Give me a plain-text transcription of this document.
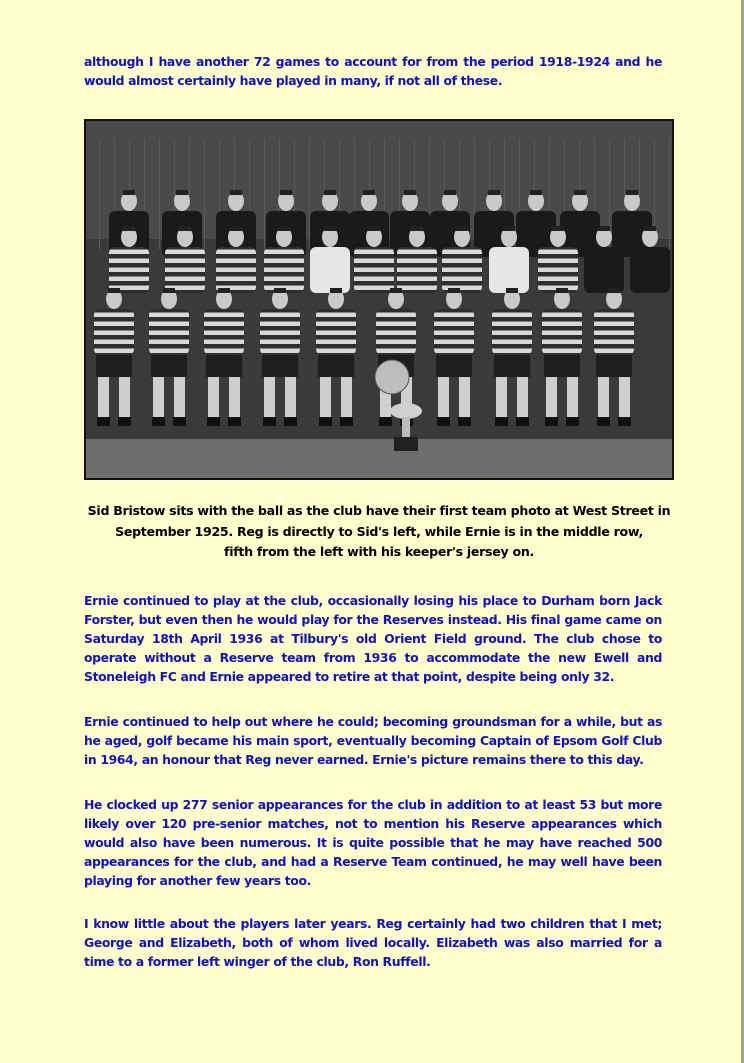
although I have another 72 games to account for from the period 1918-1924 and he would almost certainly have played in many, if not all of these.

Sid Bristow sits with the ball as the club have their first team photo at West Street in
September 1925. Reg is directly to Sid's left, while Ernie is in the middle row,
fifth from the left with his keeper's jersey on.

Ernie continued to play at the club, occasionally losing his place to Durham born Jack Forster, but even then he would play for the Reserves instead. His final game came on Saturday 18th April 1936 at Tilbury's old Orient Field ground. The club chose to operate without a Reserve team from 1936 to accommodate the new Ewell and Stoneleigh FC and Ernie appeared to retire at that point, despite being only 32.

Ernie continued to help out where he could; becoming groundsman for a while, but as he aged, golf became his main sport, eventually becoming Captain of Epsom Golf Club in 1964, an honour that Reg never earned. Ernie's picture remains there to this day.

He clocked up 277 senior appearances for the club in addition to at least 53 but more likely over 120 pre-senior matches, not to mention his Reserve appearances which would also have been numerous. It is quite possible that he may have reached 500 appearances for the club, and had a Reserve Team continued, he may well have been playing for another few years too.

I know little about the players later years. Reg certainly had two children that I met; George and Elizabeth, both of whom lived locally. Elizabeth was also married for a time to a former left winger of the club, Ron Ruffell.
